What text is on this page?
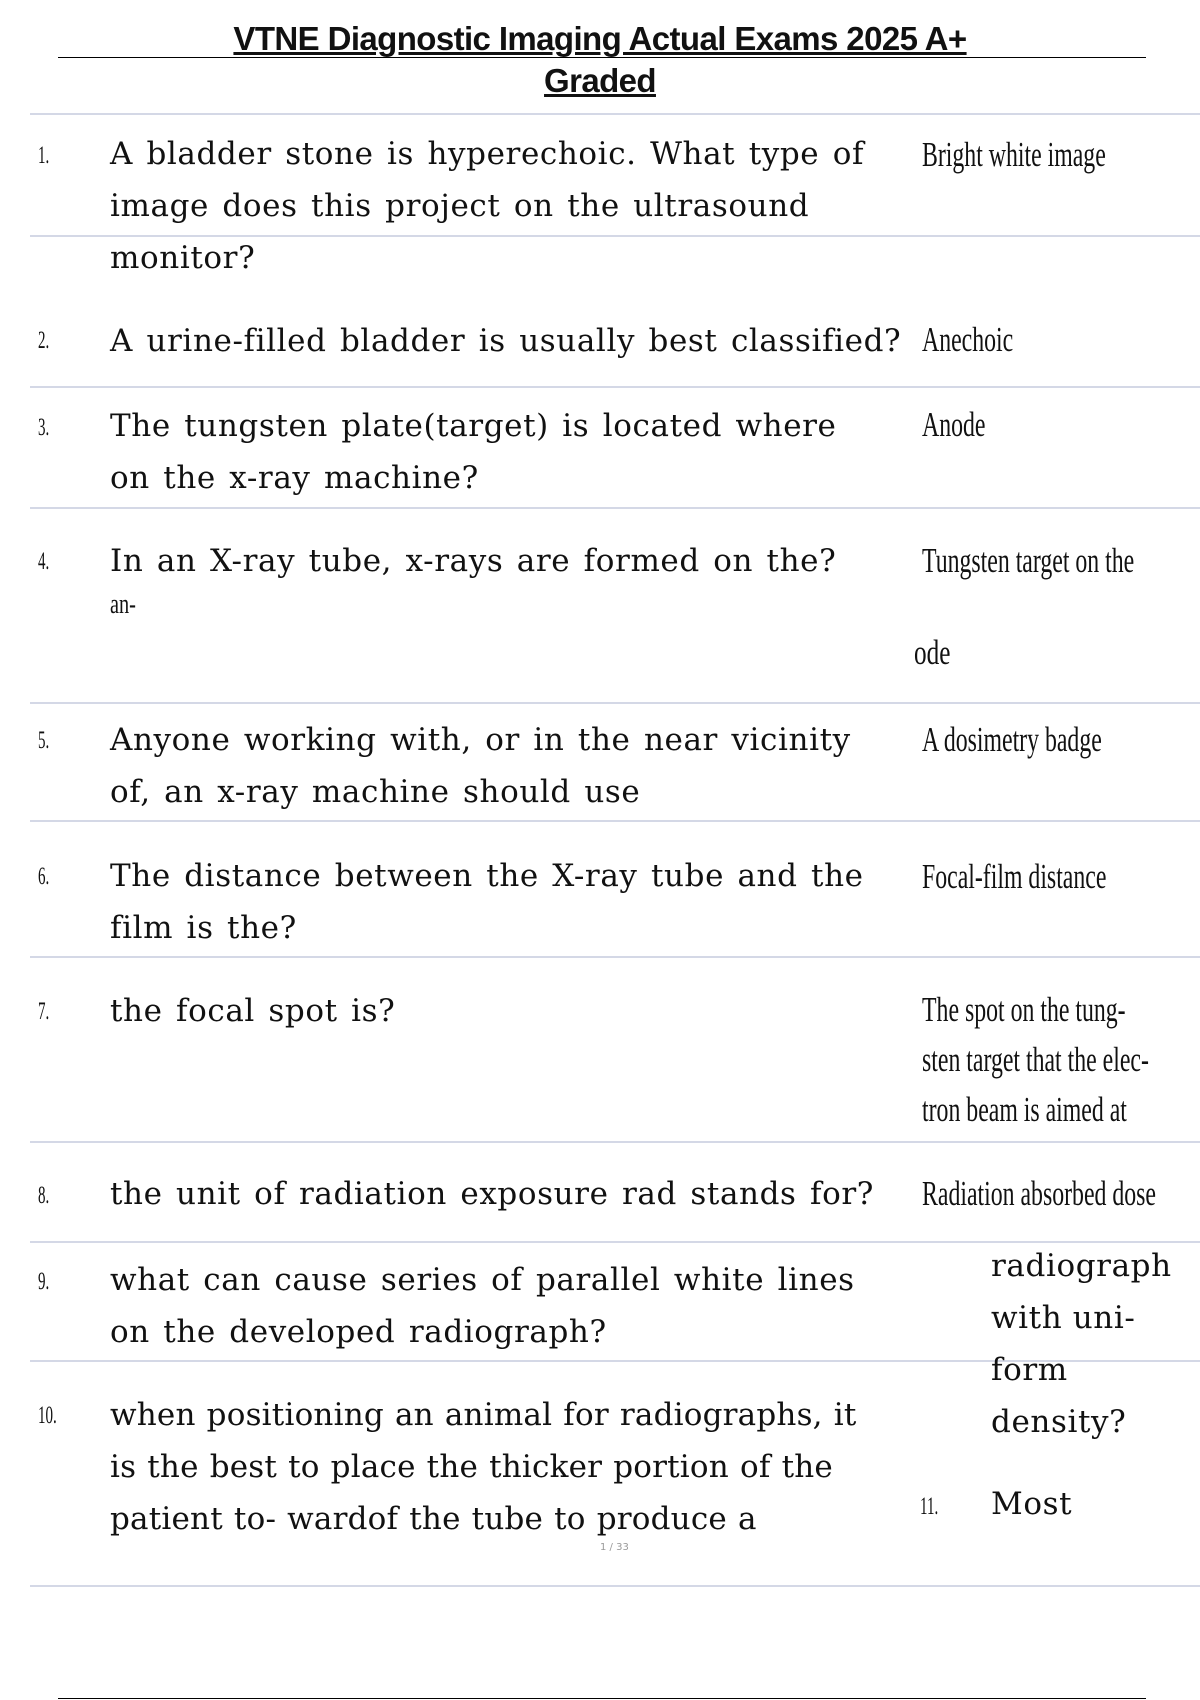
VTNE Diagnostic Imaging Actual Exams 2025 A+
Graded
1. A bladder stone is hyperechoic. What type of
image does this project on the ultrasound
monitor?
Bright white image
2. A urine-filled bladder is usually best classified? Anechoic
3. The tungsten plate(target) is located where
on the x-ray machine?
Anode
4. In an X-ray tube, x-rays are formed on the?
an-
Tungsten target on the
ode
5. Anyone working with, or in the near vicinity
of, an x-ray machine should use
A dosimetry badge
6. The distance between the X-ray tube and the
film is the?
Focal-film distance
7. the focal spot is?	The spot on the tung-
sten target that the elec-
tron beam is aimed at
8. the unit of radiation exposure rad stands for?	Radiation absorbed dose
9. what can cause series of parallel white lines
on the developed radiograph?
10. when positioning an animal for radiographs, it
is the best to place the thicker portion of the
patient to- wardof the tube to produce a
radiograph
with uni-
form
density?
11. Most
1 / 33
